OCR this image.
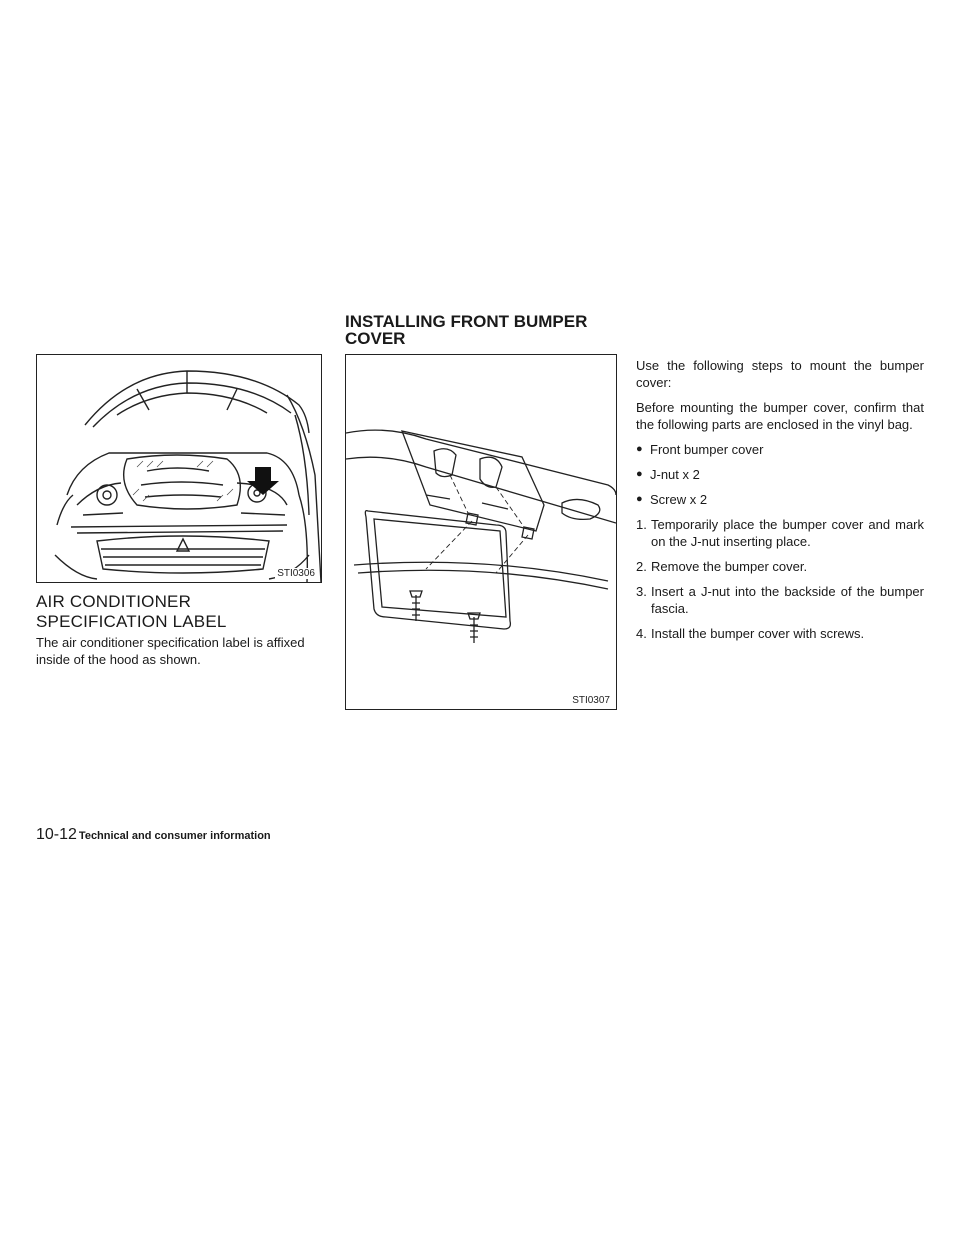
STI0306
AIR CONDITIONER
SPECIFICATION LABEL

The air conditioner specification label is affixed inside of the hood as shown.

INSTALLING FRONT BUMPER
COVER
STI0307

Use the following steps to mount the bumper cover:

Before mounting the bumper cover, confirm that the following parts are enclosed in the vinyl bag.

● Front bumper cover
● J-nut x 2
● Screw x 2
1. Temporarily place the bumper cover and mark on the J-nut inserting place.
2. Remove the bumper cover.
3. Insert a J-nut into the backside of the bumper fascia.
4. Install the bumper cover with screws.
10-12 Technical and consumer information
